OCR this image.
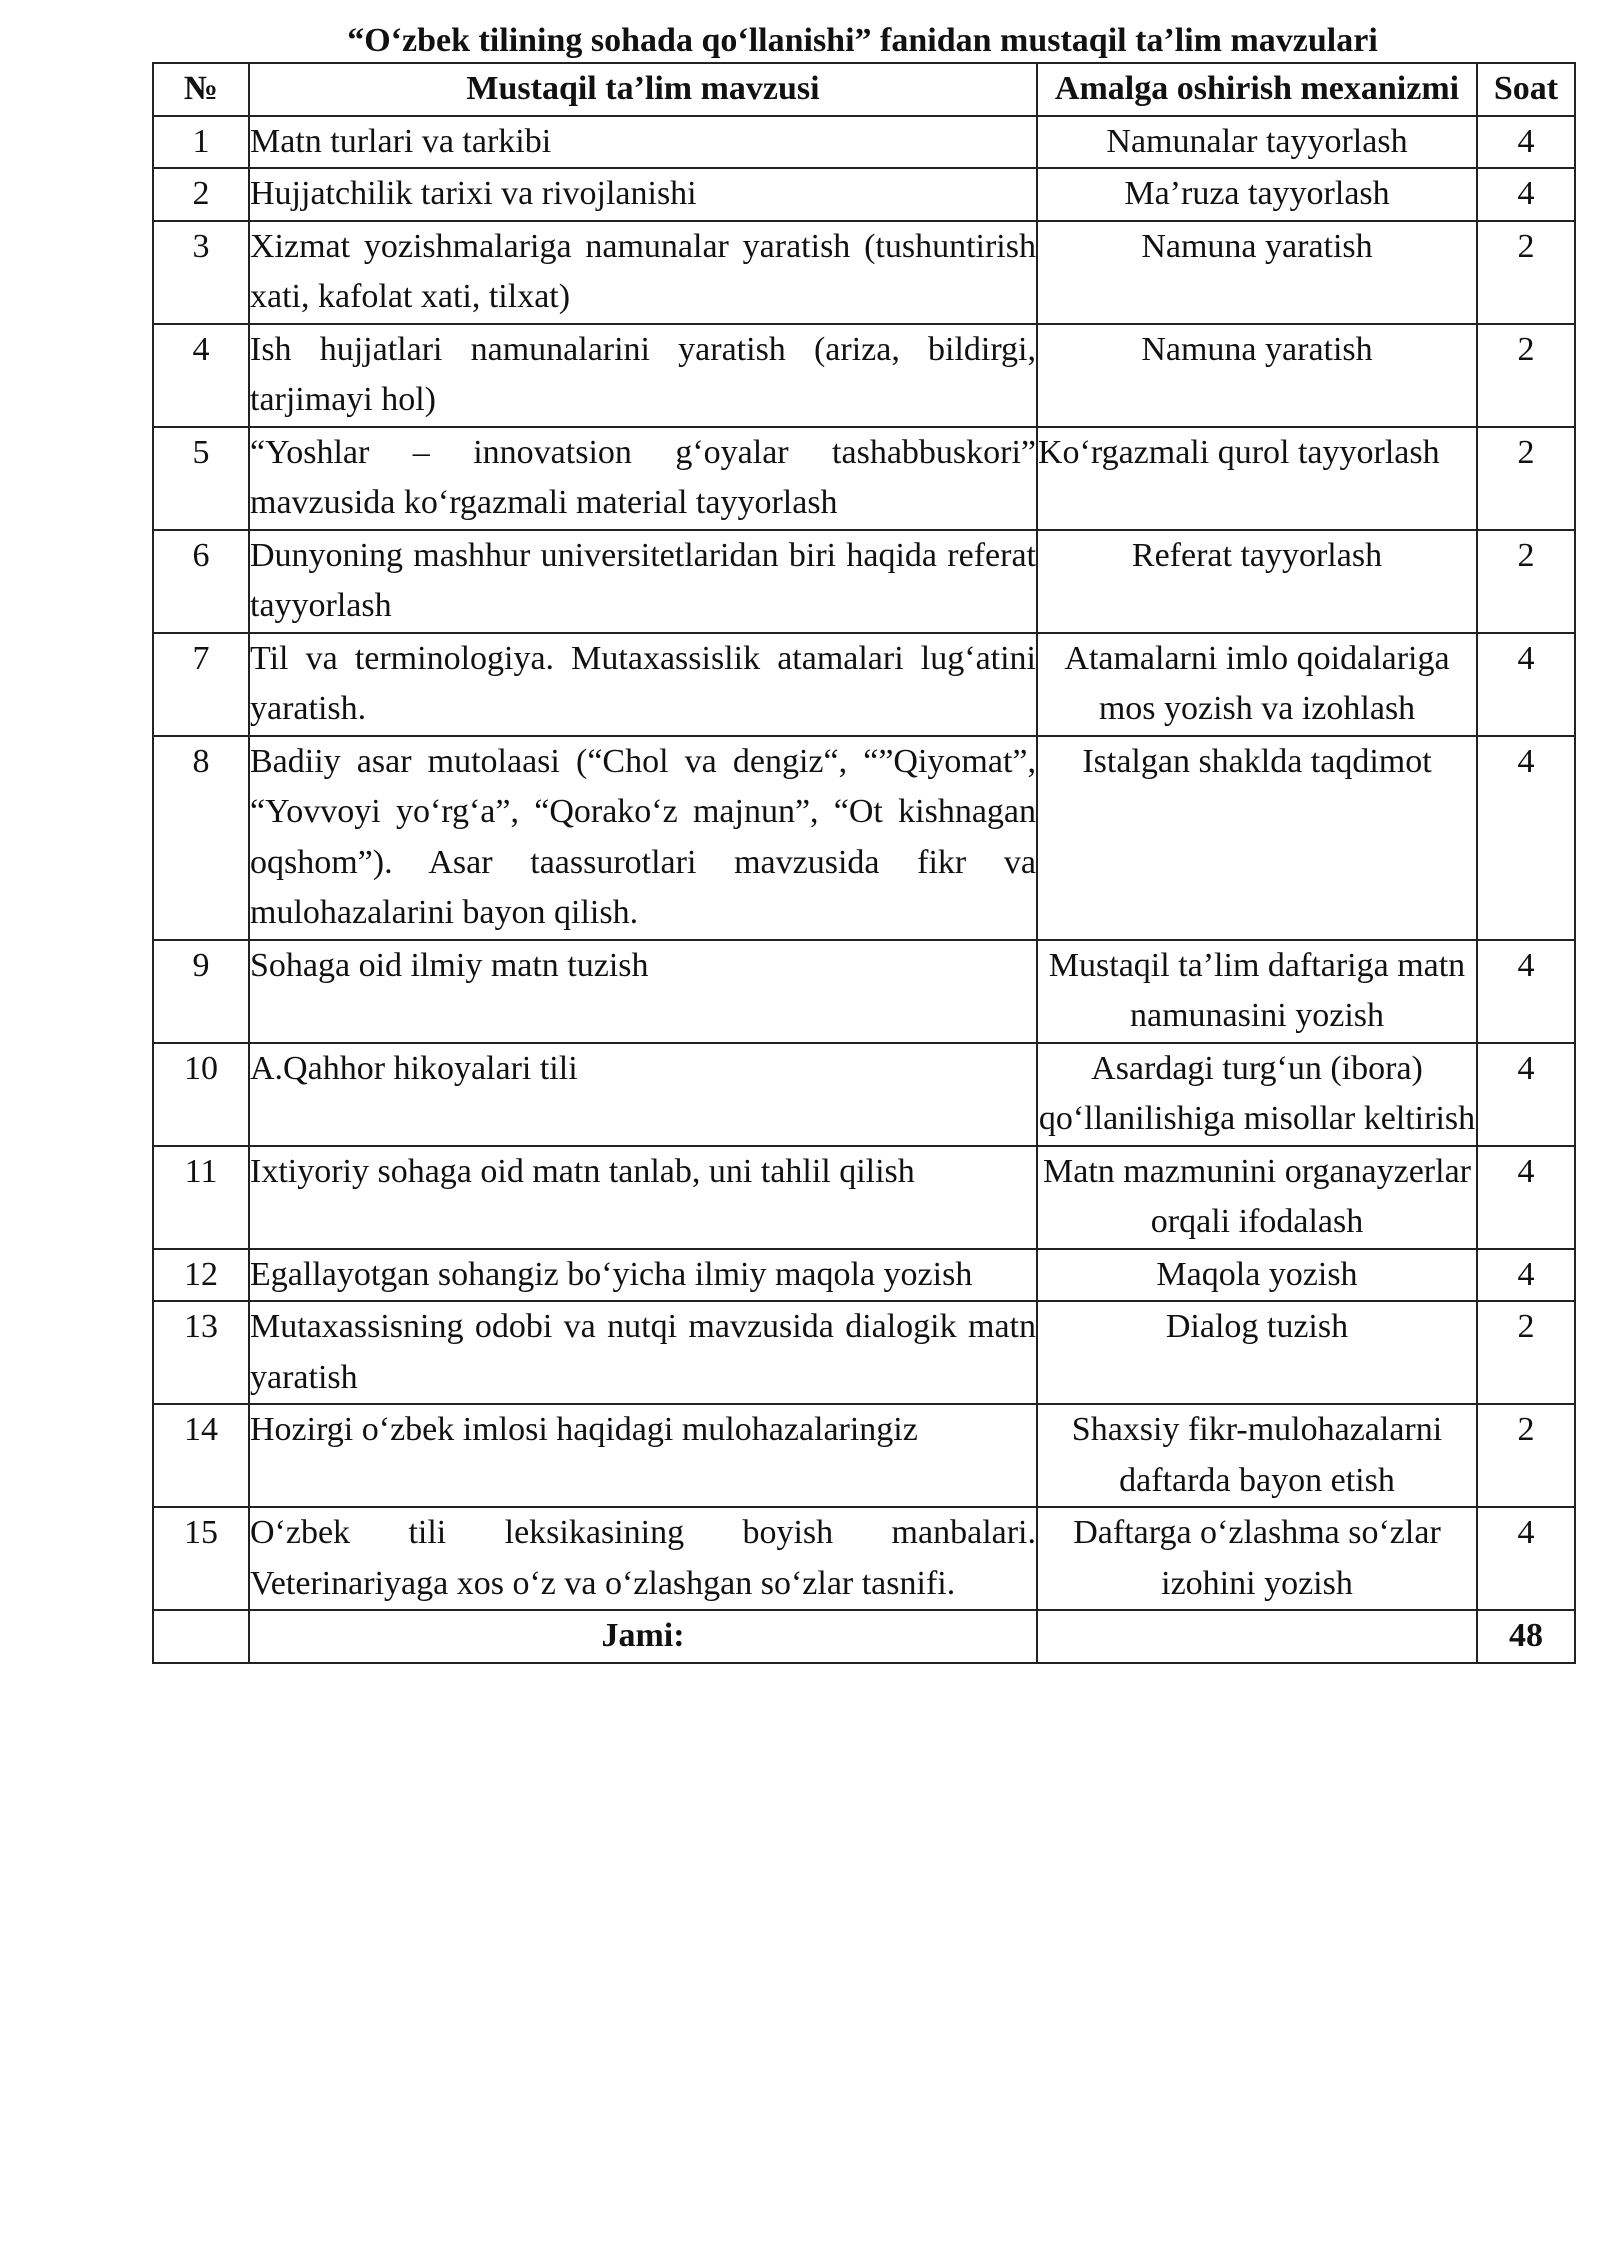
“O‘zbek tilining sohada qo‘llanishi” fanidan mustaqil ta’lim mavzulari
№	Mustaqil ta’lim mavzusi	Amalga oshirish mexanizmi	Soat
1	Matn turlari va tarkibi	Namunalar tayyorlash	4
2	Hujjatchilik tarixi va rivojlanishi	Ma’ruza tayyorlash	4
3	Xizmat yozishmalariga namunalar yaratish (tushuntirish xati, kafolat xati, tilxat)	Namuna yaratish	2
4	Ish hujjatlari namunalarini yaratish (ariza, bildirgi, tarjimayi hol)	Namuna yaratish	2
5	“Yoshlar – innovatsion g‘oyalar tashabbuskori” mavzusida ko‘rgazmali material tayyorlash	Ko‘rgazmali qurol tayyorlash	2
6	Dunyoning mashhur universitetlaridan biri haqida referat tayyorlash	Referat tayyorlash	2
7	Til va terminologiya. Mutaxassislik atamalari lug‘atini yaratish.	Atamalarni imlo qoidalariga mos yozish va izohlash	4
8	Badiiy asar mutolaasi (“Chol va dengiz“, “”Qiyomat”, “Yovvoyi yo‘rg‘a”, “Qorako‘z majnun”, “Ot kishnagan oqshom”). Asar taassurotlari mavzusida fikr va mulohazalarini bayon qilish.	Istalgan shaklda taqdimot	4
9	Sohaga oid ilmiy matn tuzish	Mustaqil ta’lim daftariga matn namunasini yozish	4
10	A.Qahhor hikoyalari tili	Asardagi turg‘un (ibora) qo‘llanilishiga misollar keltirish	4
11	Ixtiyoriy sohaga oid matn tanlab, uni tahlil qilish	Matn mazmunini organayzerlar orqali ifodalash	4
12	Egallayotgan sohangiz bo‘yicha ilmiy maqola yozish	Maqola yozish	4
13	Mutaxassisning odobi va nutqi mavzusida dialogik matn yaratish	Dialog tuzish	2
14	Hozirgi o‘zbek imlosi haqidagi mulohazalaringiz	Shaxsiy fikr-mulohazalarni daftarda bayon etish	2
15	O‘zbek tili leksikasining boyish manbalari. Veterinariyaga xos o‘z va o‘zlashgan so‘zlar tasnifi.	Daftarga o‘zlashma so‘zlar izohini yozish	4
	Jami:		48
